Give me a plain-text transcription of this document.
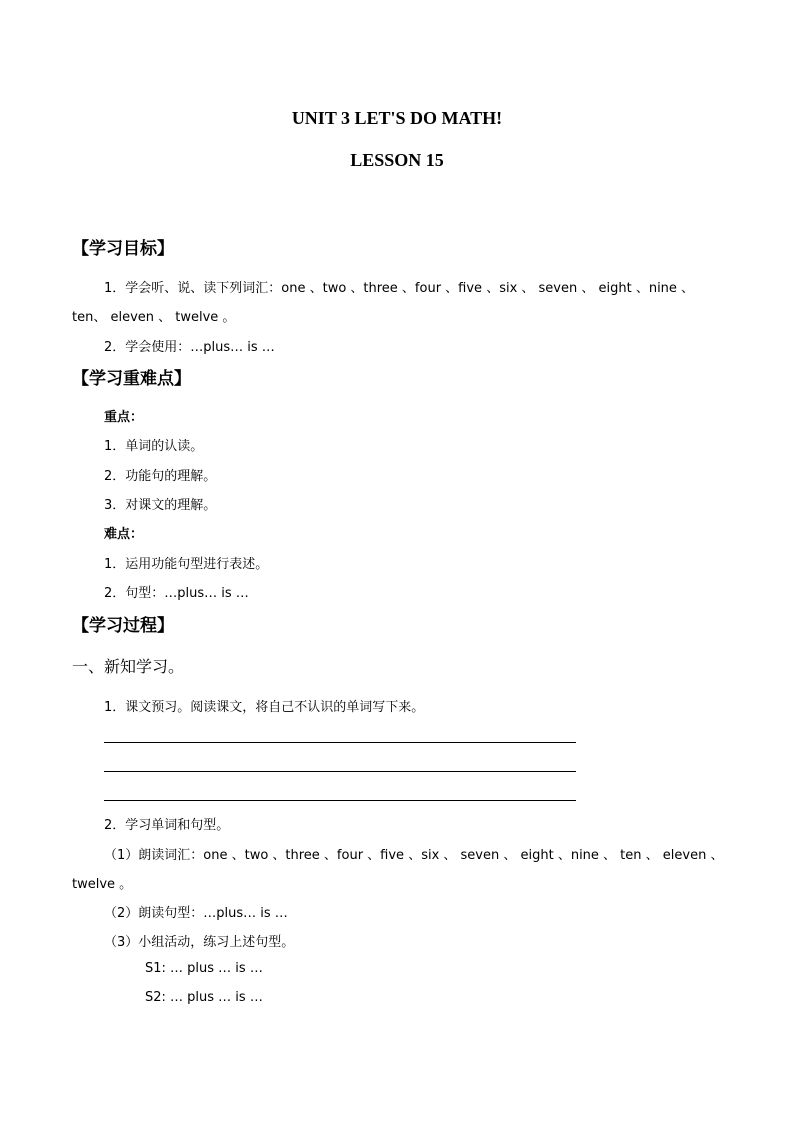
UNIT 3 LET'S DO MATH!
LESSON 15
【学习目标】
1．学会听、说、读下列词汇：one 、two 、three 、four 、five 、six 、 seven 、 eight 、nine 、
ten、 eleven 、 twelve 。
2．学会使用：…plus… is …
【学习重难点】
重点：
1．单词的认读。
2．功能句的理解。
3．对课文的理解。
难点：
1．运用功能句型进行表述。
2．句型：…plus… is …
【学习过程】
一、新知学习。
1．课文预习。阅读课文，将自己不认识的单词写下来。
2．学习单词和句型。
（1）朗读词汇：one 、two 、three 、four 、five 、six 、 seven 、 eight 、nine 、 ten 、 eleven 、
twelve 。
（2）朗读句型：…plus… is …
（3）小组活动，练习上述句型。
S1: … plus … is …
S2: … plus … is …
